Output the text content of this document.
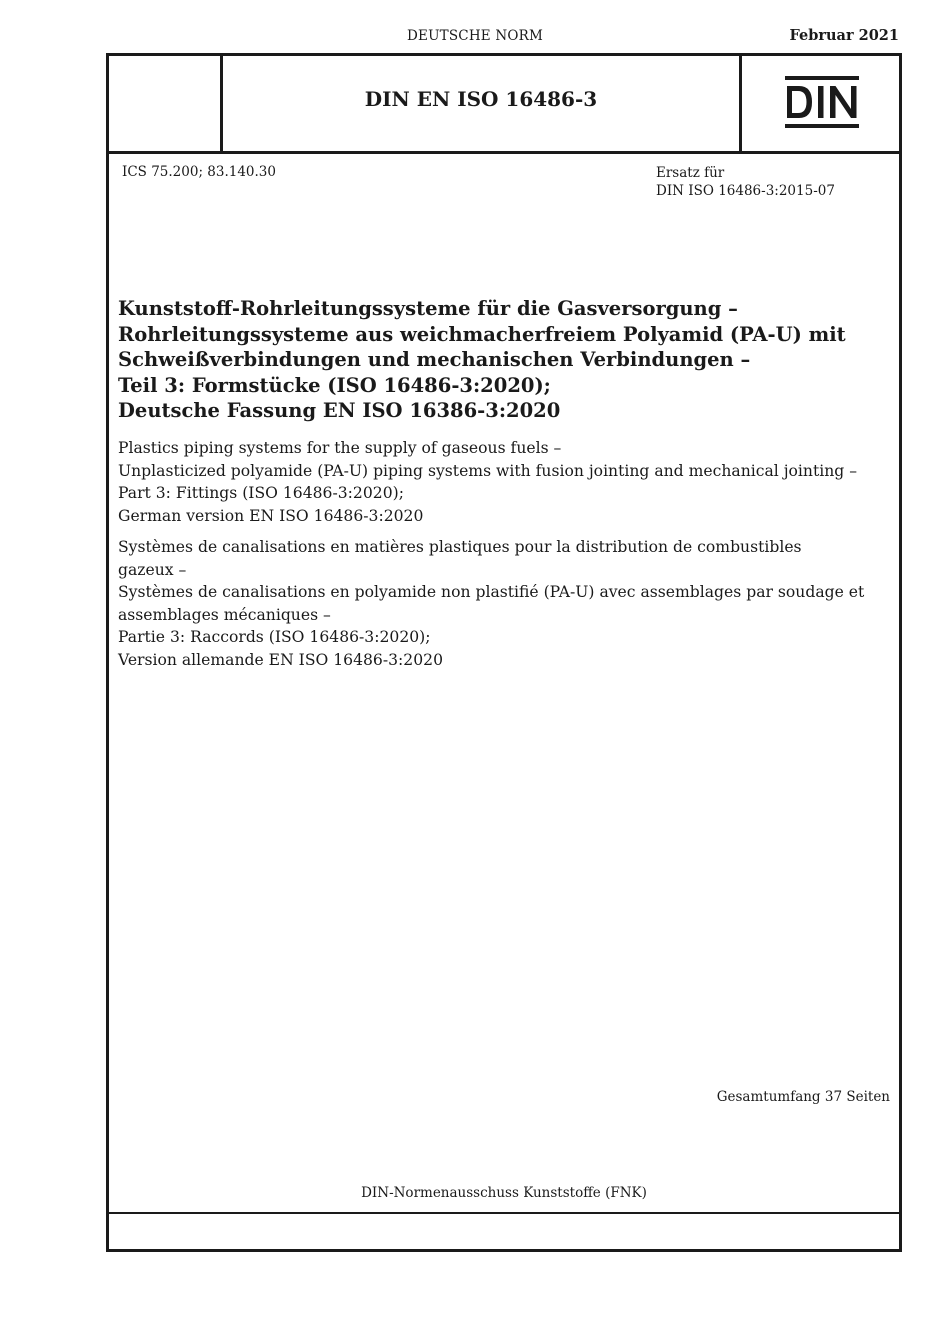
DEUTSCHE NORM	Februar 2021
DIN EN ISO 16486-3
ICS 75.200; 83.140.30	Ersatz für
DIN ISO 16486-3:2015-07
Kunststoff-Rohrleitungssysteme für die Gasversorgung –
Rohrleitungssysteme aus weichmacherfreiem Polyamid (PA-U) mit
Schweißverbindungen und mechanischen Verbindungen –
Teil 3: Formstücke (ISO 16486-3:2020);
Deutsche Fassung EN ISO 16386-3:2020
Plastics piping systems for the supply of gaseous fuels –
Unplasticized polyamide (PA-U) piping systems with fusion jointing and mechanical jointing –
Part 3: Fittings (ISO 16486-3:2020);
German version EN ISO 16486-3:2020
Systèmes de canalisations en matières plastiques pour la distribution de combustibles
gazeux –
Systèmes de canalisations en polyamide non plastifié (PA-U) avec assemblages par soudage et
assemblages mécaniques –
Partie 3: Raccords (ISO 16486-3:2020);
Version allemande EN ISO 16486-3:2020
Gesamtumfang 37 Seiten
DIN-Normenausschuss Kunststoffe (FNK)
